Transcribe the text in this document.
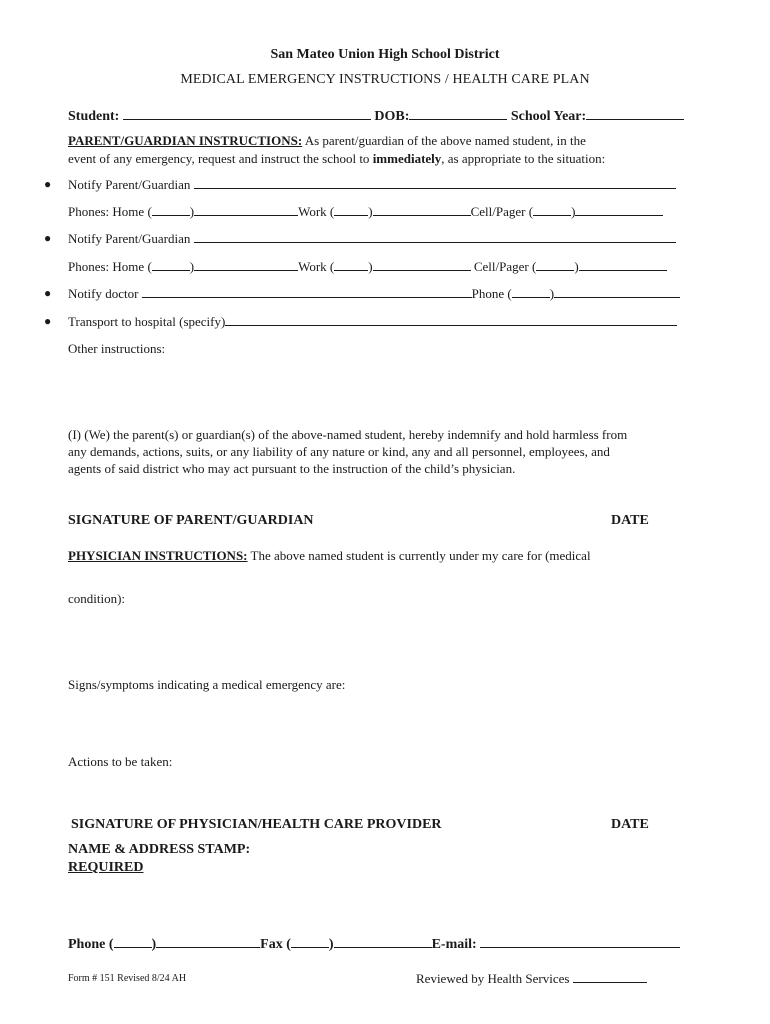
San Mateo Union High School District
MEDICAL EMERGENCY INSTRUCTIONS / HEALTH CARE PLAN
Student:	DOB:	School Year:
PARENT/GUARDIAN INSTRUCTIONS: As parent/guardian of the above named student, in the
event of any emergency, request and instruct the school to immediately, as appropriate to the situation:
● Notify Parent/Guardian
Phones: Home (	)	Work (	)	Cell/Pager (	)
● Notify Parent/Guardian
Phones: Home (	)	Work (	)	Cell/Pager (	)
● Notify doctor	Phone (	)
● Transport to hospital (specify)
Other instructions:
(I) (We) the parent(s) or guardian(s) of the above-named student, hereby indemnify and hold harmless from
any demands, actions, suits, or any liability of any nature or kind, any and all personnel, employees, and
agents of said district who may act pursuant to the instruction of the child’s physician.
SIGNATURE OF PARENT/GUARDIAN	DATE
PHYSICIAN INSTRUCTIONS: The above named student is currently under my care for (medical
condition):
Signs/symptoms indicating a medical emergency are:
Actions to be taken:
SIGNATURE OF PHYSICIAN/HEALTH CARE PROVIDER	DATE
NAME & ADDRESS STAMP:
REQUIRED
Phone (	)	Fax (	)	E-mail:
Form # 151 Revised 8/24 AH	Reviewed by Health Services
